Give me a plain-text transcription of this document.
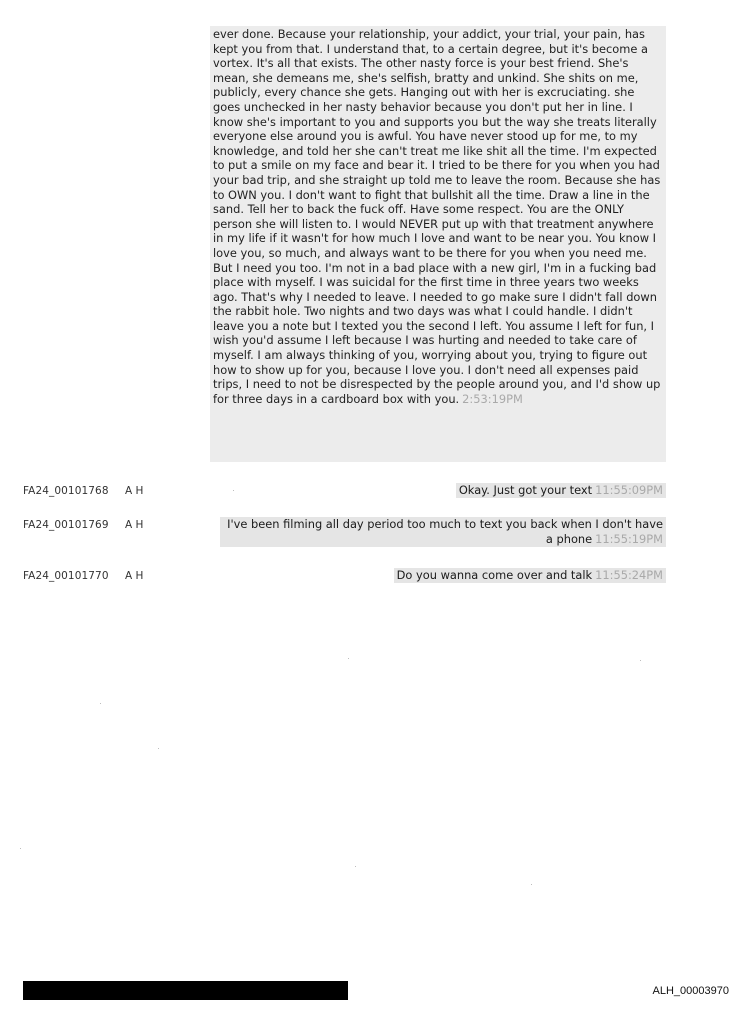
ever done. Because your relationship, your addict, your trial, your pain, has kept you from that. I understand that, to a certain degree, but it's become a vortex. It's all that exists. The other nasty force is your best friend. She's mean, she demeans me, she's selfish, bratty and unkind. She shits on me, publicly, every chance she gets. Hanging out with her is excruciating. she goes unchecked in her nasty behavior because you don't put her in line. I know she's important to you and supports you but the way she treats literally everyone else around you is awful. You have never stood up for me, to my knowledge, and told her she can't treat me like shit all the time. I'm expected to put a smile on my face and bear it. I tried to be there for you when you had your bad trip, and she straight up told me to leave the room. Because she has to OWN you. I don't want to fight that bullshit all the time. Draw a line in the sand. Tell her to back the fuck off. Have some respect. You are the ONLY person she will listen to. I would NEVER put up with that treatment anywhere in my life if it wasn't for how much I love and want to be near you. You know I love you, so much, and always want to be there for you when you need me. But I need you too. I'm not in a bad place with a new girl, I'm in a fucking bad place with myself. I was suicidal for the first time in three years two weeks ago. That's why I needed to leave. I needed to go make sure I didn't fall down the rabbit hole. Two nights and two days was what I could handle. I didn't leave you a note but I texted you the second I left. You assume I left for fun, I wish you'd assume I left because I was hurting and needed to take care of myself. I am always thinking of you, worrying about you, trying to figure out how to show up for you, because I love you. I don't need all expenses paid trips, I need to not be disrespected by the people around you, and I'd show up for three days in a cardboard box with you. 2:53:19PM
FA24_00101768 A H	Okay. Just got your text 11:55:09PM
FA24_00101769 A H	I've been filming all day period too much to text you back when I don't have a phone 11:55:19PM
FA24_00101770 A H	Do you wanna come over and talk 11:55:24PM
ALH_00003970
